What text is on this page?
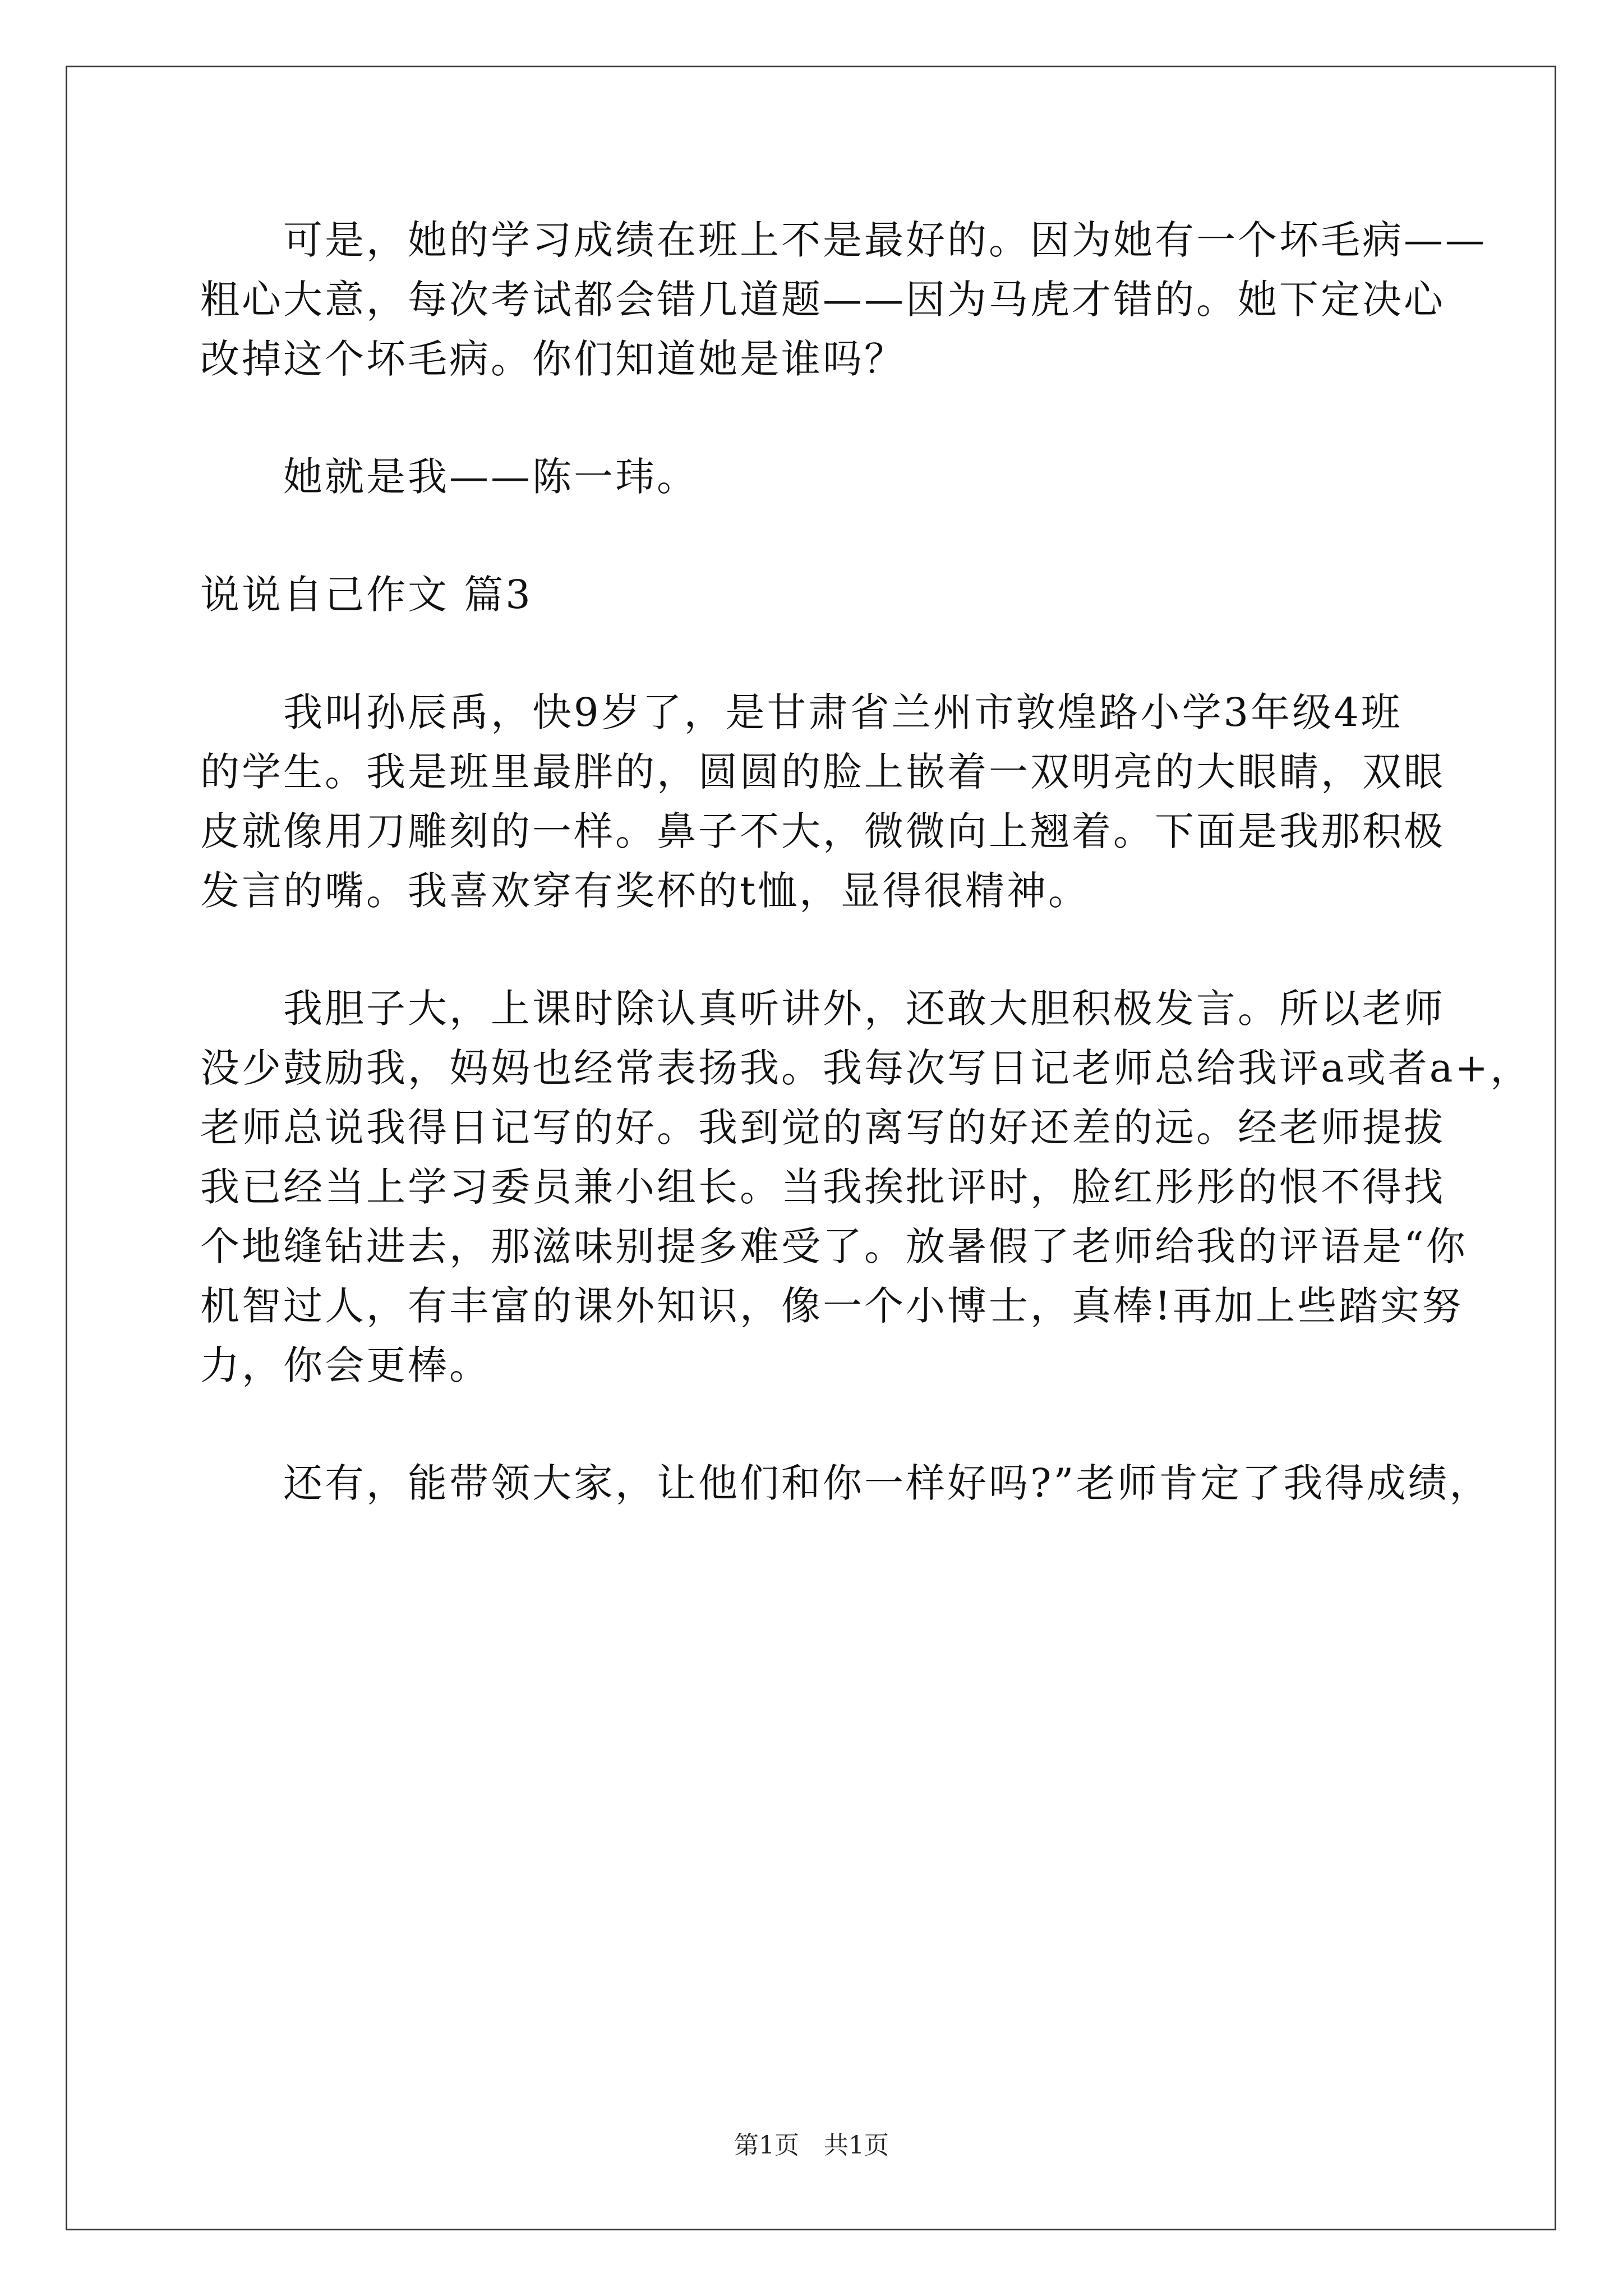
可是，她的学习成绩在班上不是最好的。因为她有一个坏毛病——
粗心大意，每次考试都会错几道题——因为马虎才错的。她下定决心
改掉这个坏毛病。你们知道她是谁吗？
她就是我——陈一玮。
说说自己作文 篇3
我叫孙辰禹，快9岁了，是甘肃省兰州市敦煌路小学3年级4班
的学生。我是班里最胖的，圆圆的脸上嵌着一双明亮的大眼睛，双眼
皮就像用刀雕刻的一样。鼻子不大，微微向上翘着。下面是我那积极
发言的嘴。我喜欢穿有奖杯的t恤，显得很精神。
我胆子大，上课时除认真听讲外，还敢大胆积极发言。所以老师
没少鼓励我，妈妈也经常表扬我。我每次写日记老师总给我评a或者a+，
老师总说我得日记写的好。我到觉的离写的好还差的远。经老师提拔
我已经当上学习委员兼小组长。当我挨批评时，脸红彤彤的恨不得找
个地缝钻进去，那滋味别提多难受了。放暑假了老师给我的评语是“你
机智过人，有丰富的课外知识，像一个小博士，真棒!再加上些踏实努
力，你会更棒。
还有，能带领大家，让他们和你一样好吗?”老师肯定了我得成绩，
第1页 共1页
